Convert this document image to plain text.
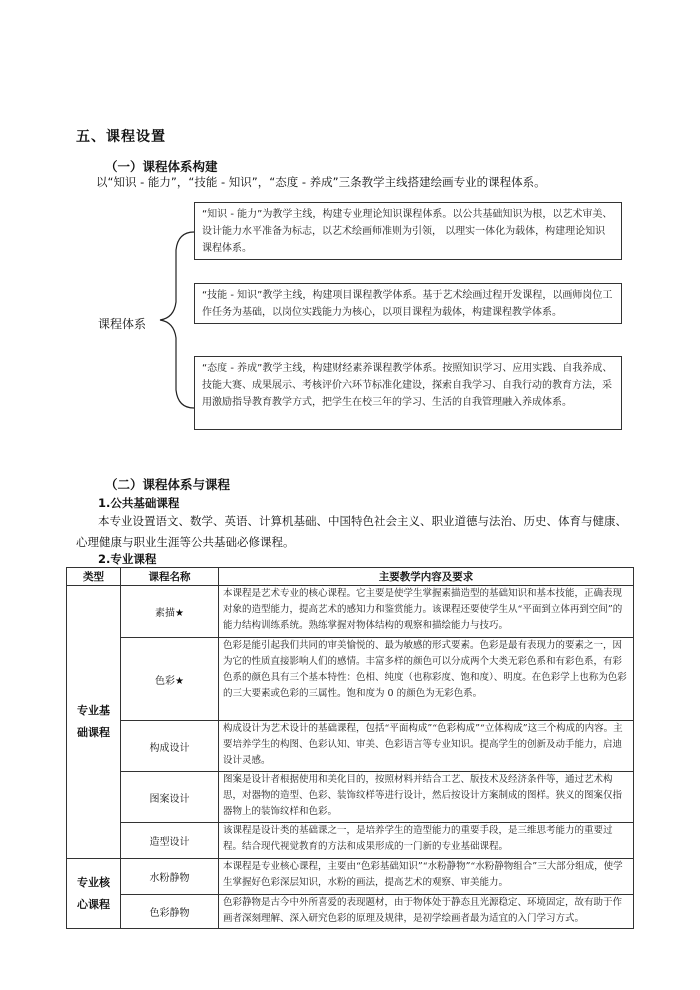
五、课程设置
（一）课程体系构建
以“知识 - 能力”，“技能 - 知识”，“态度 - 养成”三条教学主线搭建绘画专业的课程体系。
课程体系
“知识 - 能力”为教学主线，构建专业理论知识课程体系。以公共基础知识为根，以艺术审美、设计能力水平准备为标志，以艺术绘画师准则为引领， 以理实一体化为载体，构建理论知识课程体系。
“技能 - 知识”教学主线，构建项目课程教学体系。基于艺术绘画过程开发课程，以画师岗位工作任务为基础，以岗位实践能力为核心，以项目课程为载体，构建课程教学体系。
“态度 - 养成”教学主线，构建财经素养课程教学体系。按照知识学习、应用实践、自我养成、技能大赛、成果展示、考核评价六环节标准化建设，探索自我学习、自我行动的教育方法，采用激励指导教育教学方式，把学生在校三年的学习、生活的自我管理融入养成体系。
（二）课程体系与课程
1.公共基础课程
本专业设置语文、数学、英语、计算机基础、中国特色社会主义、职业道德与法治、历史、体育与健康、心理健康与职业生涯等公共基础必修课程。
2.专业课程
类型	课程名称	主要教学内容及要求
专业基础课程	素描★	本课程是艺术专业的核心课程。它主要是使学生掌握素描造型的基础知识和基本技能，正确表现对象的造型能力，提高艺术的感知力和鉴赏能力。该课程还要使学生从“平面到立体再到空间”的能力结构训练系统。熟练掌握对物体结构的观察和描绘能力与技巧。
	色彩★	色彩是能引起我们共同的审美愉悦的、最为敏感的形式要素。色彩是最有表现力的要素之一，因为它的性质直接影响人们的感情。丰富多样的颜色可以分成两个大类无彩色系和有彩色系，有彩色系的颜色具有三个基本特性：色相、纯度（也称彩度、饱和度）、明度。在色彩学上也称为色彩的三大要素或色彩的三属性。饱和度为 0 的颜色为无彩色系。
	构成设计	构成设计为艺术设计的基础课程，包括“平面构成”“色彩构成”“立体构成”这三个构成的内容。主要培养学生的构图、色彩认知、审美、色彩语言等专业知识。提高学生的创新及动手能力，启迪设计灵感。
	图案设计	图案是设计者根据使用和美化目的，按照材料并结合工艺、版技术及经济条件等，通过艺术构思，对器物的造型、色彩、装饰纹样等进行设计，然后按设计方案制成的图样。狭义的图案仅指器物上的装饰纹样和色彩。
	造型设计	该课程是设计类的基础课之一，是培养学生的造型能力的重要手段，是三维思考能力的重要过程。结合现代视觉教育的方法和成果形成的一门新的专业基础课程。
专业核心课程	水粉静物	本课程是专业核心课程，主要由“色彩基础知识”“水粉静物”“水粉静物组合”三大部分组成，使学生掌握好色彩深层知识，水粉的画法，提高艺术的观察、审美能力。
	色彩静物	色彩静物是古今中外所喜爱的表现题材，由于物体处于静态且光源稳定、环境固定，故有助于作画者深刻理解、深入研究色彩的原理及规律，是初学绘画者最为适宜的入门学习方式。
